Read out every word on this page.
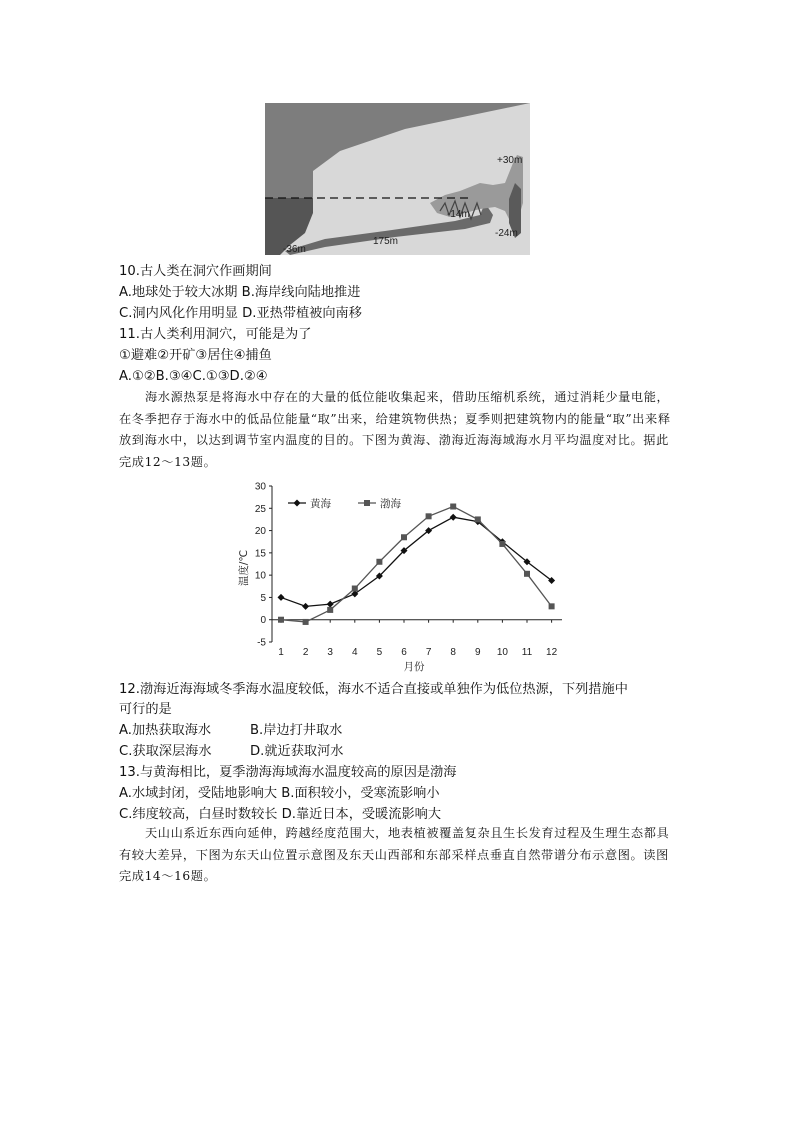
+30m
-36m
175m
-14m
-24m
10.古人类在洞穴作画期间
A.地球处于较大冰期 B.海岸线向陆地推进
C.洞内风化作用明显 D.亚热带植被向南移
11.古人类利用洞穴，可能是为了
①避难②开矿③居住④捕鱼
A.①②B.③④C.①③D.②④
海水源热泵是将海水中存在的大量的低位能收集起来，借助压缩机系统，通过消耗少量电能，在冬季把存于海水中的低品位能量“取”出来，给建筑物供热；夏季则把建筑物内的能量“取”出来释放到海水中，以达到调节室内温度的目的。下图为黄海、渤海近海海域海水月平均温度对比。据此完成12～13题。
-5
0
5
10
15
20
25
30
1 2 3 4 5 6 7 8 9 10 11 12
黄海	渤海
温度/℃
月份
12.渤海近海海域冬季海水温度较低，海水不适合直接或单独作为低位热源，下列措施中
可行的是
A.加热获取海水	B.岸边打井取水
C.获取深层海水	D.就近获取河水
13.与黄海相比，夏季渤海海域海水温度较高的原因是渤海
A.水域封闭，受陆地影响大 B.面积较小，受寒流影响小
C.纬度较高，白昼时数较长 D.靠近日本，受暖流影响大
天山山系近东西向延伸，跨越经度范围大，地表植被覆盖复杂且生长发育过程及生理生态都具有较大差异，下图为东天山位置示意图及东天山西部和东部采样点垂直自然带谱分布示意图。读图完成14～16题。
